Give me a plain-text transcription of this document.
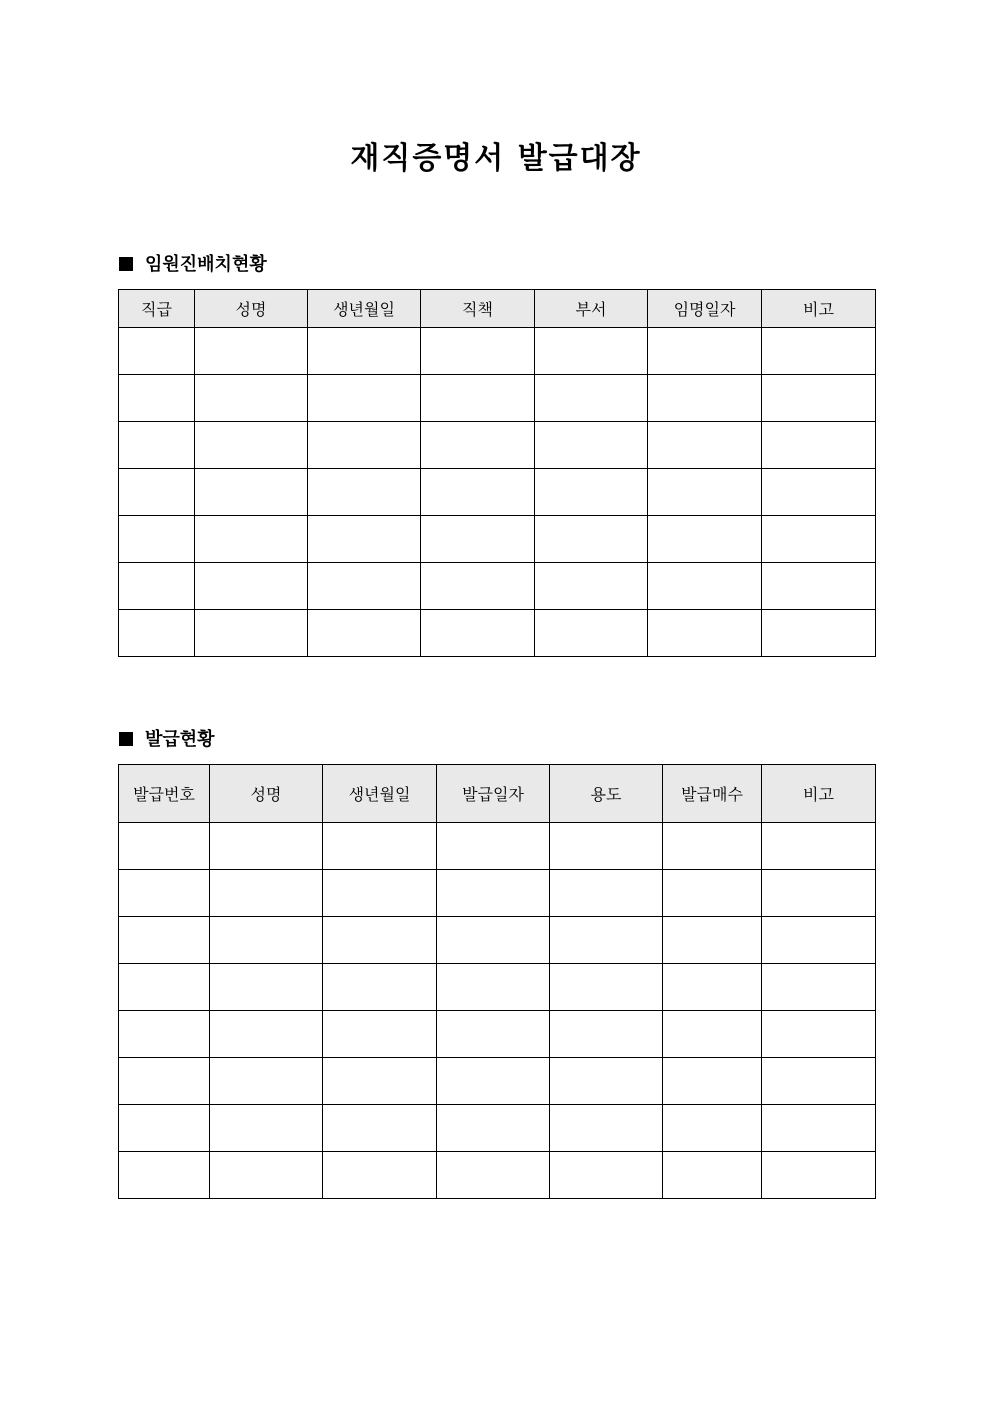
재직증명서 발급대장
임원진배치현황
직급	성명	생년월일	직책	부서	임명일자	비고

발급현황
발급번호	성명	생년월일	발급일자	용도	발급매수	비고
